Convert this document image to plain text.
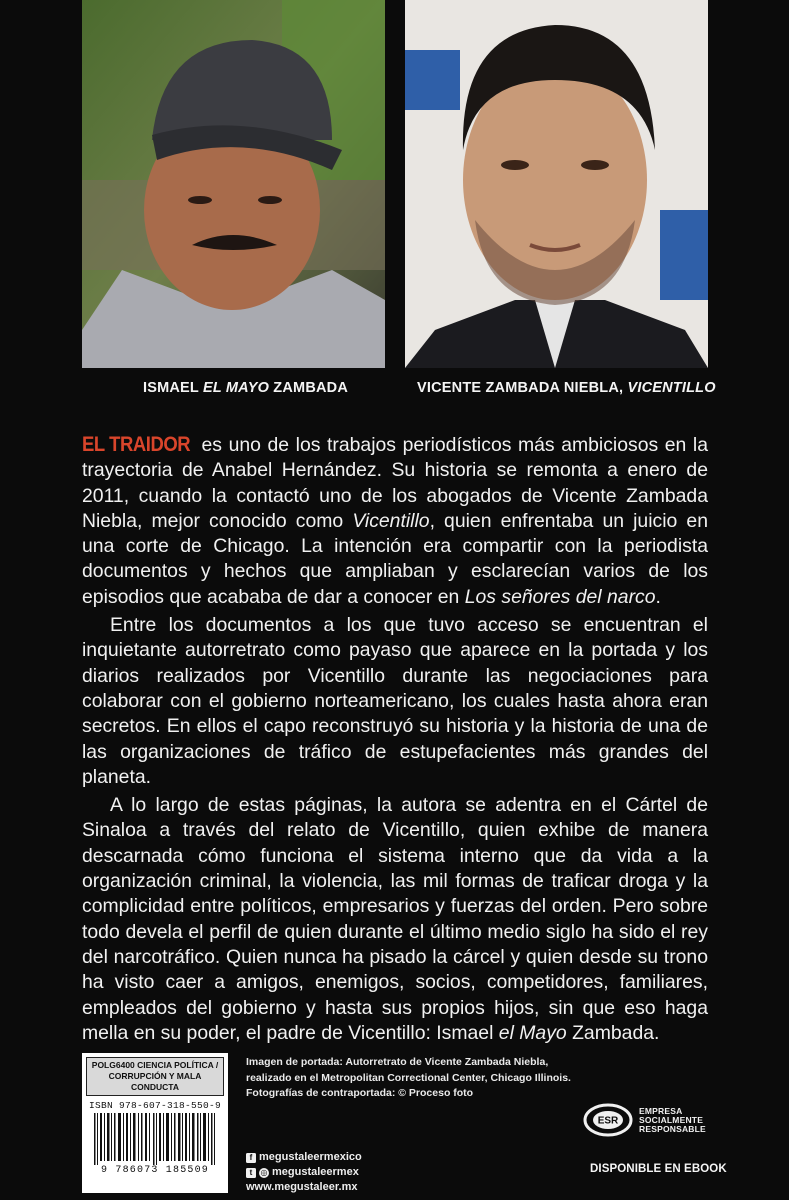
ISMAEL EL MAYO ZAMBADA	VICENTE ZAMBADA NIEBLA, VICENTILLO

EL TRAIDOR es uno de los trabajos periodísticos más ambiciosos en la trayectoria de Anabel Hernández. Su historia se remonta a enero de 2011, cuando la contactó uno de los abogados de Vicente Zambada Niebla, mejor conocido como Vicentillo, quien enfrentaba un juicio en una corte de Chicago. La intención era compartir con la periodista documentos y hechos que ampliaban y esclarecían varios de los episodios que acababa de dar a conocer en Los señores del narco.

Entre los documentos a los que tuvo acceso se encuentran el inquietante autorretrato como payaso que aparece en la portada y los diarios realizados por Vicentillo durante las negociaciones para colaborar con el gobierno norteamericano, los cuales hasta ahora eran secretos. En ellos el capo reconstruyó su historia y la historia de una de las organizaciones de tráfico de estupefacientes más grandes del planeta.

A lo largo de estas páginas, la autora se adentra en el Cártel de Sinaloa a través del relato de Vicentillo, quien exhibe de manera descarnada cómo funciona el sistema interno que da vida a la organización criminal, la violencia, las mil formas de traficar droga y la complicidad entre políticos, empresarios y fuerzas del orden. Pero sobre todo devela el perfil de quien durante el último medio siglo ha sido el rey del narcotráfico. Quien nunca ha pisado la cárcel y quien desde su trono ha visto caer a amigos, enemigos, socios, competidores, familiares, empleados del gobierno y hasta sus propios hijos, sin que eso haga mella en su poder, el padre de Vicentillo: Ismael el Mayo Zambada.

POLG6400 CIENCIA POLÍTICA /
CORRUPCIÓN Y MALA CONDUCTA
ISBN 978-607-318-550-9
9 786073 185509
Imagen de portada: Autorretrato de Vicente Zambada Niebla,
realizado en el Metropolitan Correctional Center, Chicago Illinois.
Fotografías de contraportada: © Proceso foto
f megustaleermexico
t	◎ megustaleermex
www.megustaleer.mx
ESR
EMPRESA
SOCIALMENTE
RESPONSABLE
DISPONIBLE EN EBOOK
